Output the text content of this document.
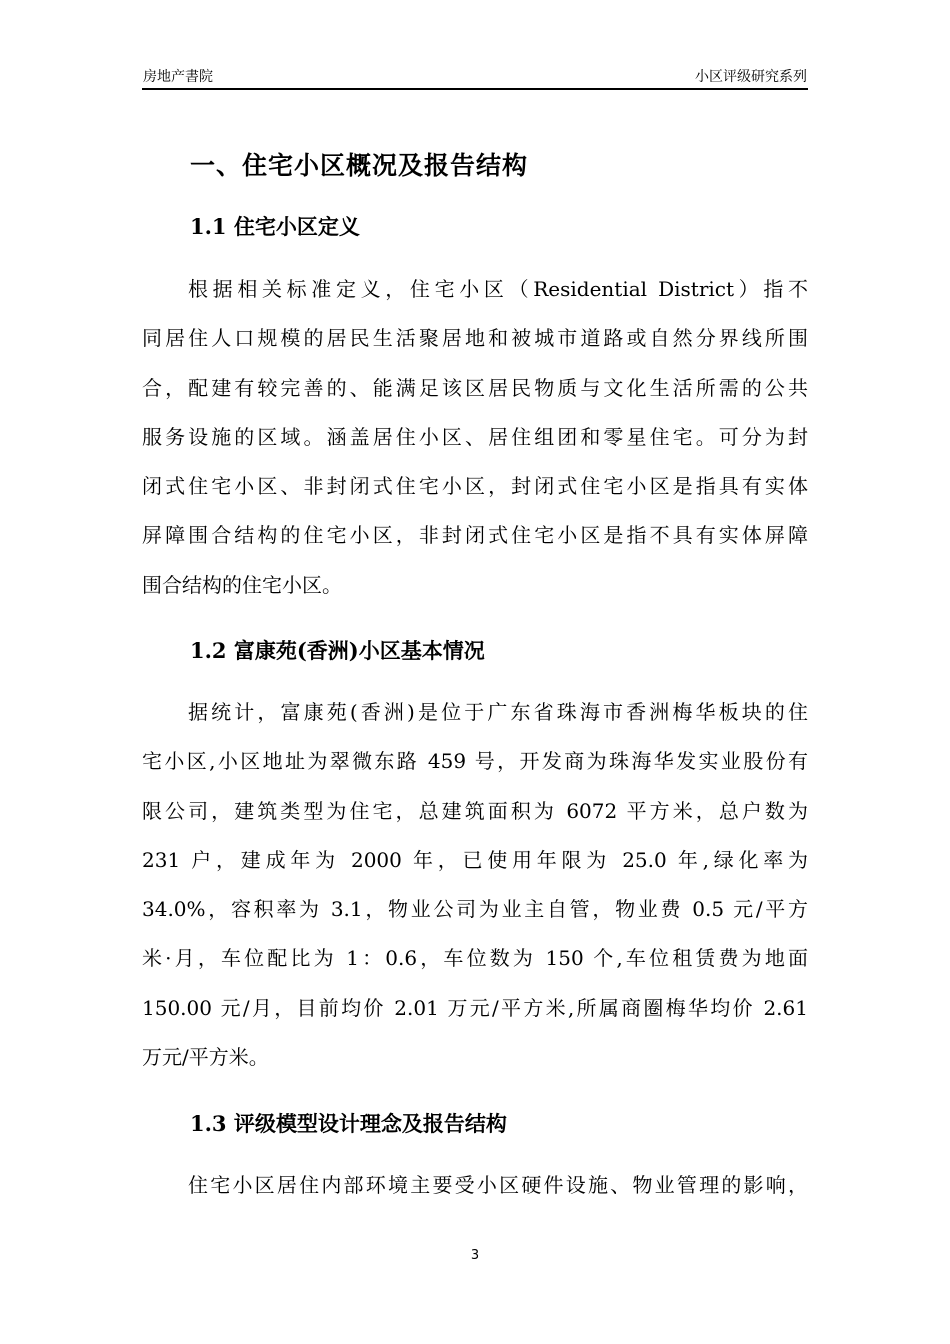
房地产書院	小区评级研究系列
一、住宅小区概况及报告结构
1.1 住宅小区定义
根据相关标准定义，住宅小区（Residential District）指不
同居住人口规模的居民生活聚居地和被城市道路或自然分界线所围
合，配建有较完善的、能满足该区居民物质与文化生活所需的公共
服务设施的区域。涵盖居住小区、居住组团和零星住宅。可分为封
闭式住宅小区、非封闭式住宅小区，封闭式住宅小区是指具有实体
屏障围合结构的住宅小区，非封闭式住宅小区是指不具有实体屏障
围合结构的住宅小区。
1.2 富康苑(香洲)小区基本情况
据统计，富康苑(香洲)是位于广东省珠海市香洲梅华板块的住
宅小区,小区地址为翠微东路 459 号，开发商为珠海华发实业股份有
限公司，建筑类型为住宅，总建筑面积为 6072 平方米，总户数为
231 户，建成年为 2000 年，已使用年限为 25.0 年,绿化率为
34.0%，容积率为 3.1，物业公司为业主自管，物业费 0.5 元/平方
米·月，车位配比为 1：0.6，车位数为 150 个,车位租赁费为地面
150.00 元/月，目前均价 2.01 万元/平方米,所属商圈梅华均价 2.61
万元/平方米。
1.3 评级模型设计理念及报告结构
住宅小区居住内部环境主要受小区硬件设施、物业管理的影响，
3
